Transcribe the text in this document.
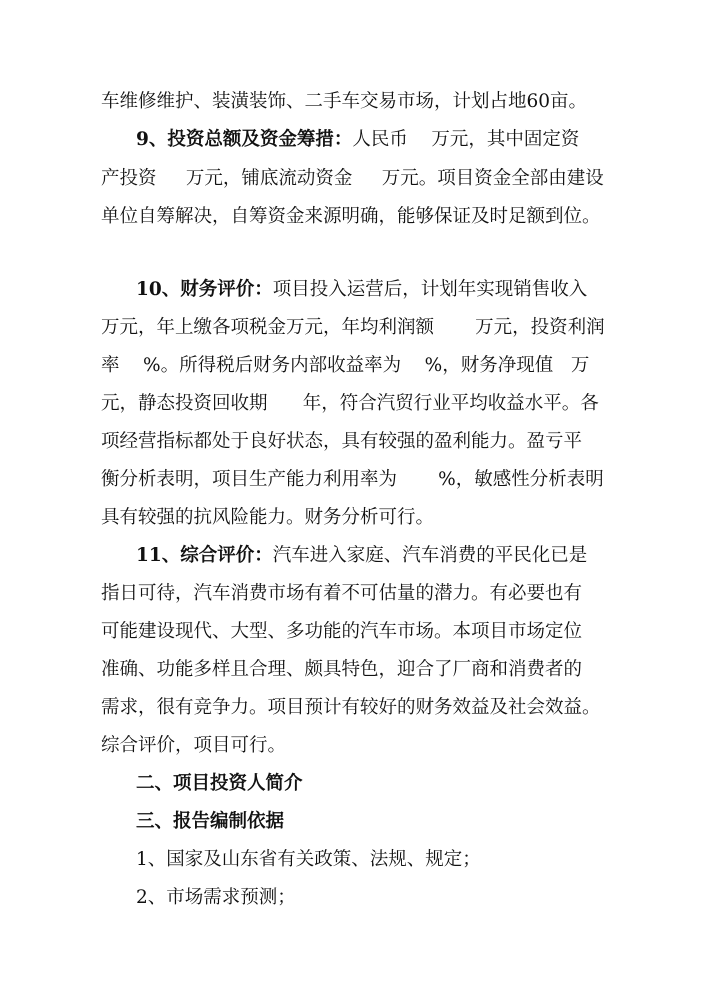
车维修维护、装潢装饰、二手车交易市场，计划占地60亩。
9、投资总额及资金筹措：人民币    万元，其中固定资
产投资     万元，铺底流动资金     万元。项目资金全部由建设
单位自筹解决，自筹资金来源明确，能够保证及时足额到位。
10、财务评价：项目投入运营后，计划年实现销售收入
万元，年上缴各项税金万元，年均利润额       万元，投资利润
率    %。所得税后财务内部收益率为    %，财务净现值   万
元，静态投资回收期      年，符合汽贸行业平均收益水平。各
项经营指标都处于良好状态，具有较强的盈利能力。盈亏平
衡分析表明，项目生产能力利用率为       %，敏感性分析表明
具有较强的抗风险能力。财务分析可行。
11、综合评价：汽车进入家庭、汽车消费的平民化已是
指日可待，汽车消费市场有着不可估量的潜力。有必要也有
可能建设现代、大型、多功能的汽车市场。本项目市场定位
准确、功能多样且合理、颇具特色，迎合了厂商和消费者的
需求，很有竞争力。项目预计有较好的财务效益及社会效益。
综合评价，项目可行。
二、项目投资人简介
三、报告编制依据
1、国家及山东省有关政策、法规、规定；
2、市场需求预测；
